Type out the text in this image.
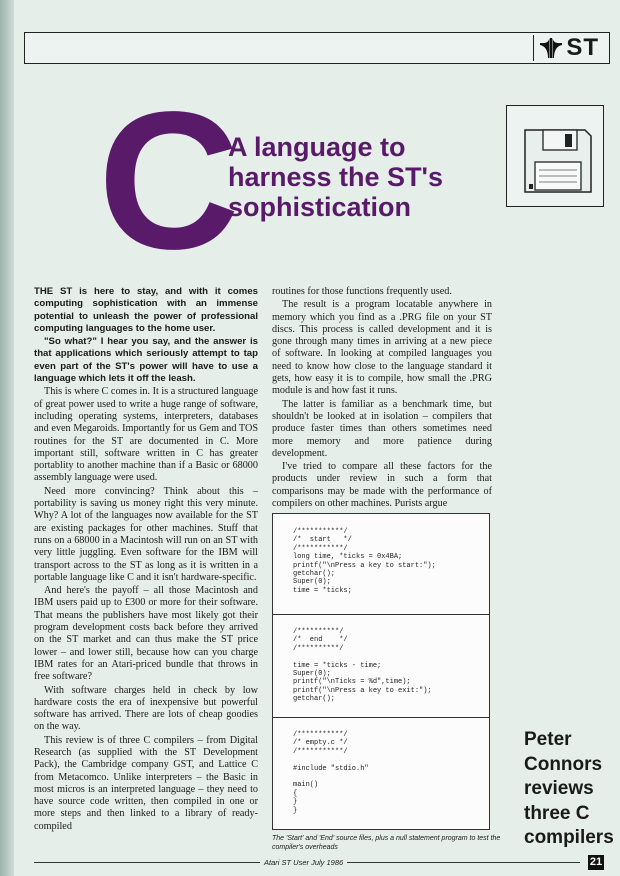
ST
C
A language to
harness the ST's
sophistication

THE ST is here to stay, and with it comes computing sophistication with an immense potential to unleash the power of professional computing languages to the home user.

"So what?" I hear you say, and the answer is that applications which seriously attempt to tap even part of the ST's power will have to use a language which lets it off the leash.

This is where C comes in. It is a structured language of great power used to write a huge range of software, including operating systems, interpreters, databases and even Megaroids. Importantly for us Gem and TOS routines for the ST are documented in C. More important still, software written in C has greater portablity to another machine than if a Basic or 68000 assembly language were used.

Need more convincing? Think about this – portability is saving us money right this very minute. Why? A lot of the languages now available for the ST are existing packages for other machines. Stuff that runs on a 68000 in a Macintosh will run on an ST with very little juggling. Even software for the IBM will transport across to the ST as long as it is written in a portable language like C and it isn't hardware-specific.

And here's the payoff – all those Macintosh and IBM users paid up to £300 or more for their software. That means the publishers have most likely got their program development costs back before they arrived on the ST market and can thus make the ST price lower – and lower still, because how can you charge IBM rates for an Atari-priced bundle that throws in free software?

With software charges held in check by low hardware costs the era of inexpensive but powerful software has arrived. There are lots of cheap goodies on the way.

This review is of three C compilers – from Digital Research (as supplied with the ST Development Pack), the Cambridge company GST, and Lattice C from Metacomco. Unlike interpreters – the Basic in most micros is an interpreted language – they need to have source code written, then compiled in one or more steps and then linked to a library of ready-compiled

routines for those functions frequently used.

The result is a program locatable anywhere in memory which you find as a .PRG file on your ST discs. This process is called development and it is gone through many times in arriving at a new piece of software. In looking at compiled languages you need to know how close to the language standard it gets, how easy it is to compile, how small the .PRG module is and how fast it runs.

The latter is familiar as a benchmark time, but shouldn't be looked at in isolation – compilers that produce faster times than others sometimes need more memory and more patience during development.

I've tried to compare all these factors for the products under review in such a form that comparisons may be made with the performance of compilers on other machines. Purists argue

/***********/
/*  start   */
/***********/
long time, *ticks = 0x4BA;
printf("\nPress a key to start:");
getchar();
Super(0);
time = *ticks;
/**********/
/*  end    */
/**********/

time = *ticks - time;
Super(0);
printf("\nTicks = %d",time);
printf("\nPress a key to exit:");
getchar();
/***********/
/* empty.c */
/***********/

#include "stdio.h"

main()
{
}
}
The 'Start' and 'End' source files, plus a null statement program to test the compiler's overheads
Peter
Connors
reviews
three C
compilers
Atari ST User July 1986	21
